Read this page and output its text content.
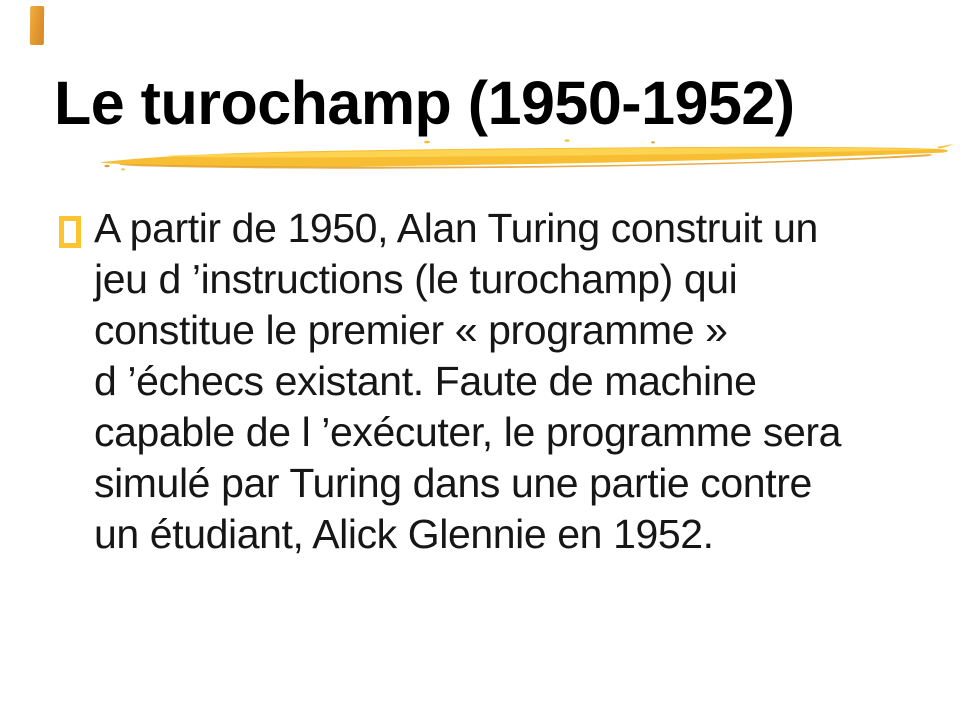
Le turochamp (1950-1952)
A partir de 1950, Alan Turing construit un
jeu d ’instructions (le turochamp) qui
constitue le premier « programme »
d ’échecs existant. Faute de machine
capable de l ’exécuter, le programme sera
simulé par Turing dans une partie contre
un étudiant, Alick Glennie en 1952.
